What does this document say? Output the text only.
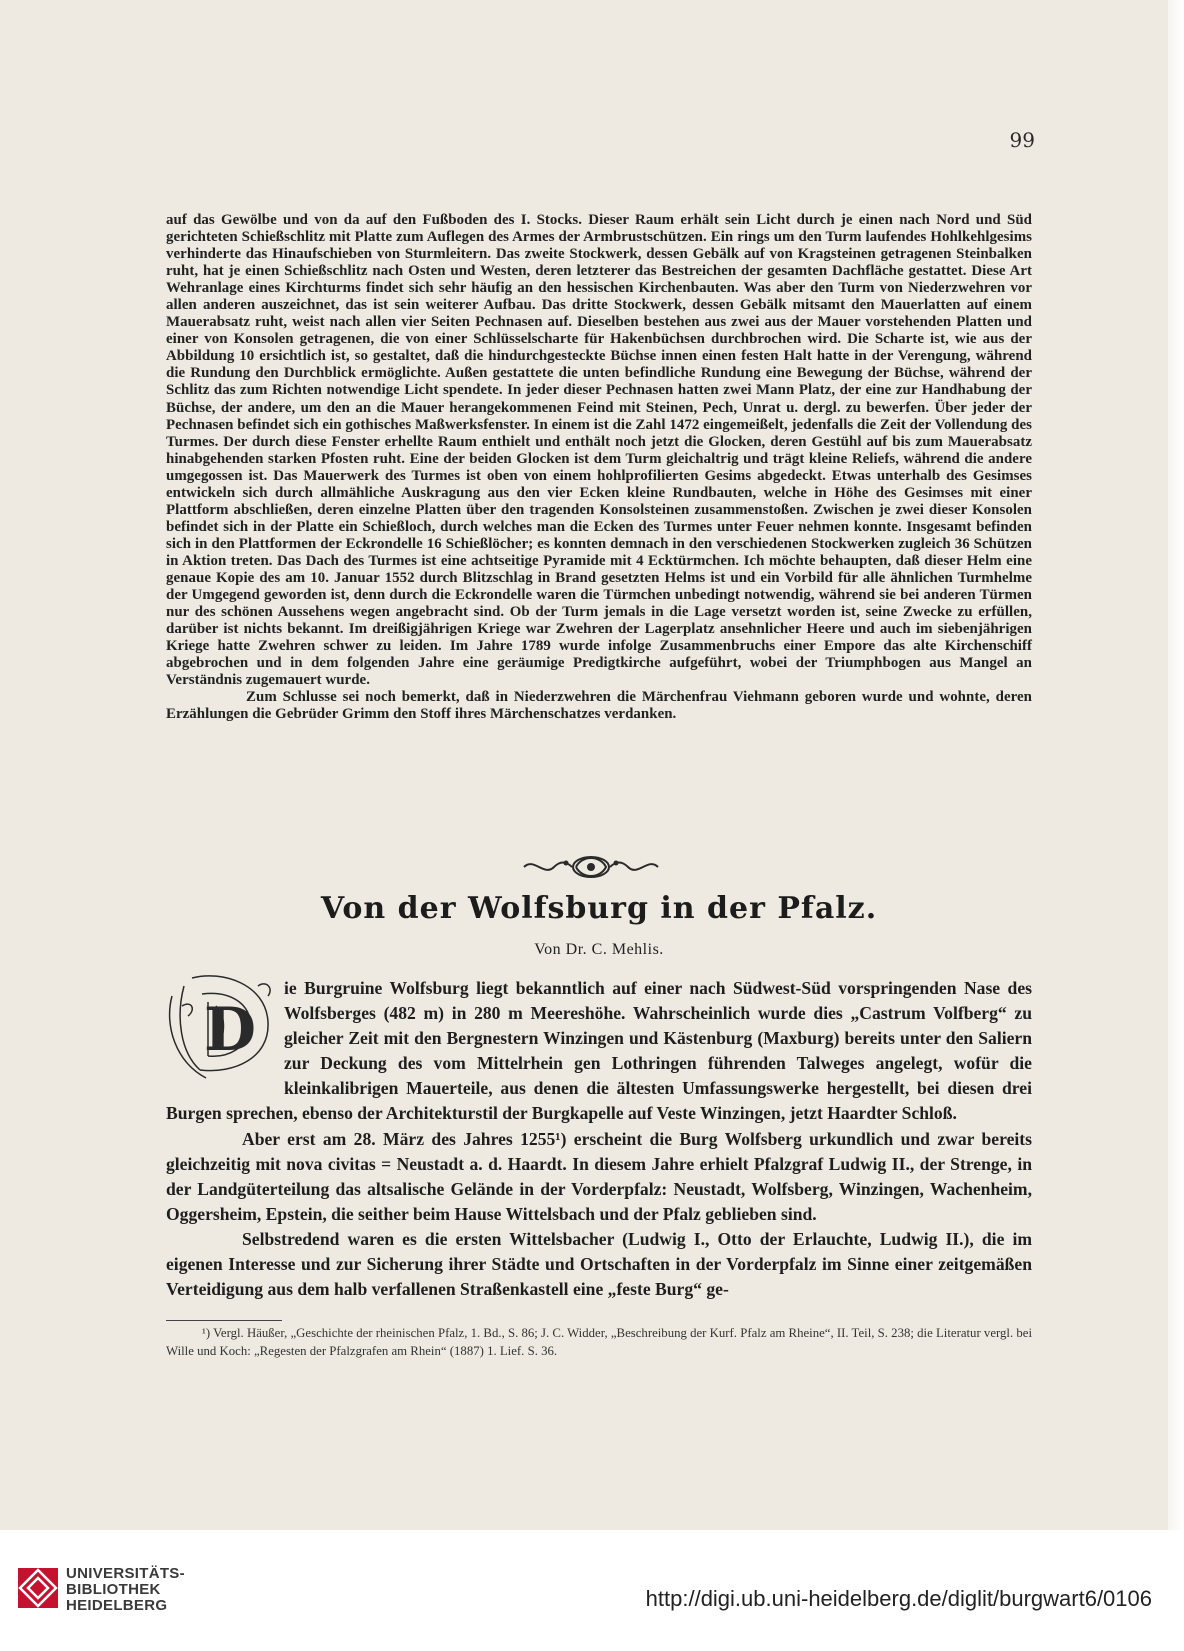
99

auf das Gewölbe und von da auf den Fußboden des I. Stocks. Dieser Raum erhält sein Licht durch je einen nach Nord und Süd gerichteten Schießschlitz mit Platte zum Auflegen des Armes der Armbrustschützen. Ein rings um den Turm laufendes Hohlkehlgesims verhinderte das Hinaufschieben von Sturmleitern. Das zweite Stockwerk, dessen Gebälk auf von Kragsteinen getragenen Steinbalken ruht, hat je einen Schießschlitz nach Osten und Westen, deren letzterer das Bestreichen der gesamten Dachfläche gestattet. Diese Art Wehranlage eines Kirchturms findet sich sehr häufig an den hessischen Kirchenbauten. Was aber den Turm von Niederzwehren vor allen anderen auszeichnet, das ist sein weiterer Aufbau. Das dritte Stockwerk, dessen Gebälk mitsamt den Mauerlatten auf einem Mauerabsatz ruht, weist nach allen vier Seiten Pechnasen auf. Dieselben bestehen aus zwei aus der Mauer vorstehenden Platten und einer von Konsolen getragenen, die von einer Schlüsselscharte für Hakenbüchsen durchbrochen wird. Die Scharte ist, wie aus der Abbildung 10 ersichtlich ist, so gestaltet, daß die hindurchgesteckte Büchse innen einen festen Halt hatte in der Verengung, während die Rundung den Durchblick ermöglichte. Außen gestattete die unten befindliche Rundung eine Bewegung der Büchse, während der Schlitz das zum Richten notwendige Licht spendete. In jeder dieser Pechnasen hatten zwei Mann Platz, der eine zur Handhabung der Büchse, der andere, um den an die Mauer herangekommenen Feind mit Steinen, Pech, Unrat u. dergl. zu bewerfen. Über jeder der Pechnasen befindet sich ein gothisches Maßwerksfenster. In einem ist die Zahl 1472 eingemeißelt, jedenfalls die Zeit der Vollendung des Turmes. Der durch diese Fenster erhellte Raum enthielt und enthält noch jetzt die Glocken, deren Gestühl auf bis zum Mauerabsatz hinabgehenden starken Pfosten ruht. Eine der beiden Glocken ist dem Turm gleichaltrig und trägt kleine Reliefs, während die andere umgegossen ist. Das Mauerwerk des Turmes ist oben von einem hohlprofilierten Gesims abgedeckt. Etwas unterhalb des Gesimses entwickeln sich durch allmähliche Auskragung aus den vier Ecken kleine Rundbauten, welche in Höhe des Gesimses mit einer Plattform abschließen, deren einzelne Platten über den tragenden Konsolsteinen zusammenstoßen. Zwischen je zwei dieser Konsolen befindet sich in der Platte ein Schießloch, durch welches man die Ecken des Turmes unter Feuer nehmen konnte. Insgesamt befinden sich in den Plattformen der Eckrondelle 16 Schießlöcher; es konnten demnach in den verschiedenen Stockwerken zugleich 36 Schützen in Aktion treten. Das Dach des Turmes ist eine achtseitige Pyramide mit 4 Ecktürmchen. Ich möchte behaupten, daß dieser Helm eine genaue Kopie des am 10. Januar 1552 durch Blitzschlag in Brand gesetzten Helms ist und ein Vorbild für alle ähnlichen Turmhelme der Umgegend geworden ist, denn durch die Eckrondelle waren die Türmchen unbedingt notwendig, während sie bei anderen Türmen nur des schönen Aussehens wegen angebracht sind. Ob der Turm jemals in die Lage versetzt worden ist, seine Zwecke zu erfüllen, darüber ist nichts bekannt. Im dreißigjährigen Kriege war Zwehren der Lagerplatz ansehnlicher Heere und auch im siebenjährigen Kriege hatte Zwehren schwer zu leiden. Im Jahre 1789 wurde infolge Zusammenbruchs einer Empore das alte Kirchenschiff abgebrochen und in dem folgenden Jahre eine geräumige Predigtkirche aufgeführt, wobei der Triumphbogen aus Mangel an Verständnis zugemauert wurde.

Zum Schlusse sei noch bemerkt, daß in Niederzwehren die Märchenfrau Viehmann geboren wurde und wohnte, deren Erzählungen die Gebrüder Grimm den Stoff ihres Märchenschatzes verdanken.

Von der Wolfsburg in der Pfalz.
Von Dr. C. Mehlis.
D

ie Burgruine Wolfsburg liegt bekanntlich auf einer nach Südwest-Süd vorspringenden Nase des Wolfsberges (482 m) in 280 m Meereshöhe. Wahrscheinlich wurde dies „Castrum Volfberg“ zu gleicher Zeit mit den Bergnestern Winzingen und Kästenburg (Maxburg) bereits unter den Saliern zur Deckung des vom Mittelrhein gen Lothringen führenden Talweges angelegt, wofür die kleinkalibrigen Mauerteile, aus denen die ältesten Umfassungswerke hergestellt, bei diesen drei Burgen sprechen, ebenso der Architekturstil der Burgkapelle auf Veste Winzingen, jetzt Haardter Schloß.

Aber erst am 28. März des Jahres 1255¹) erscheint die Burg Wolfsberg urkundlich und zwar bereits gleichzeitig mit nova civitas = Neustadt a. d. Haardt. In diesem Jahre erhielt Pfalzgraf Ludwig II., der Strenge, in der Landgüterteilung das altsalische Gelände in der Vorderpfalz: Neustadt, Wolfsberg, Winzingen, Wachenheim, Oggersheim, Epstein, die seither beim Hause Wittelsbach und der Pfalz geblieben sind.

Selbstredend waren es die ersten Wittelsbacher (Ludwig I., Otto der Erlauchte, Ludwig II.), die im eigenen Interesse und zur Sicherung ihrer Städte und Ortschaften in der Vorderpfalz im Sinne einer zeitgemäßen Verteidigung aus dem halb verfallenen Straßenkastell eine „feste Burg“ ge-

¹) Vergl. Häußer, „Geschichte der rheinischen Pfalz, 1. Bd., S. 86; J. C. Widder, „Beschreibung der Kurf. Pfalz am Rheine“, II. Teil, S. 238; die Literatur vergl. bei Wille und Koch: „Regesten der Pfalzgrafen am Rhein“ (1887) 1. Lief. S. 36.

UNIVERSITÄTS-
BIBLIOTHEK
HEIDELBERG	http://digi.ub.uni-heidelberg.de/diglit/burgwart6/0106
